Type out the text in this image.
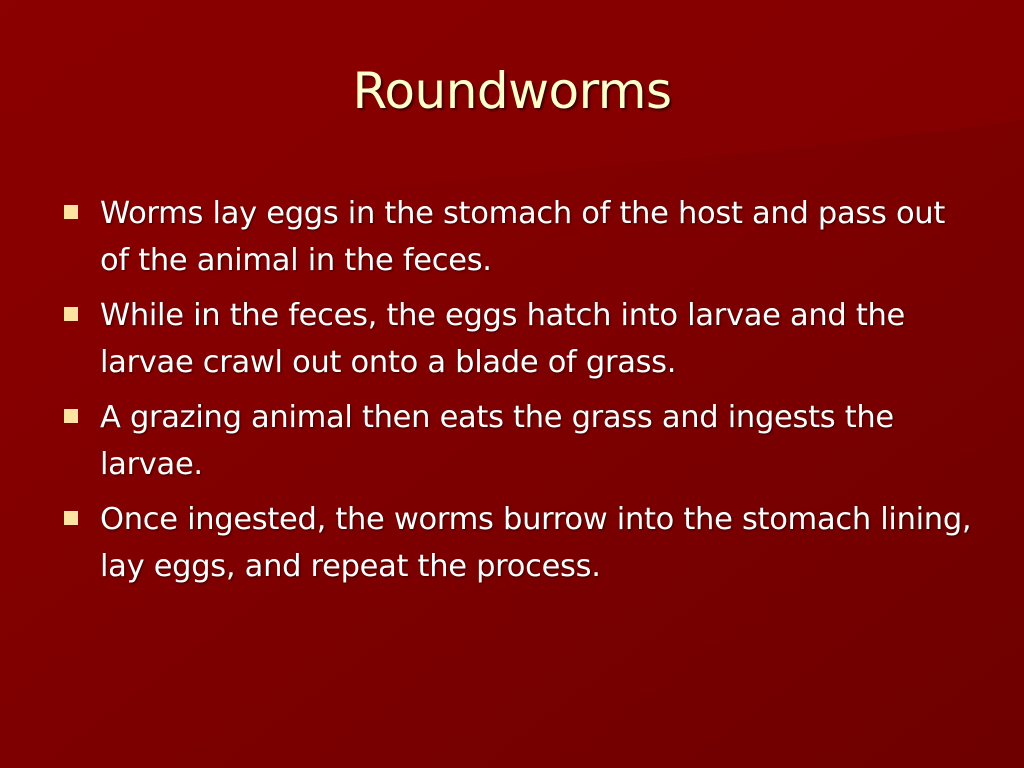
Roundworms
Worms lay eggs in the stomach of the host and pass out of the animal in the feces.
While in the feces, the eggs hatch into larvae and the larvae crawl out onto a blade of grass.
A grazing animal then eats the grass and ingests the larvae.
Once ingested, the worms burrow into the stomach lining, lay eggs, and repeat the process.
